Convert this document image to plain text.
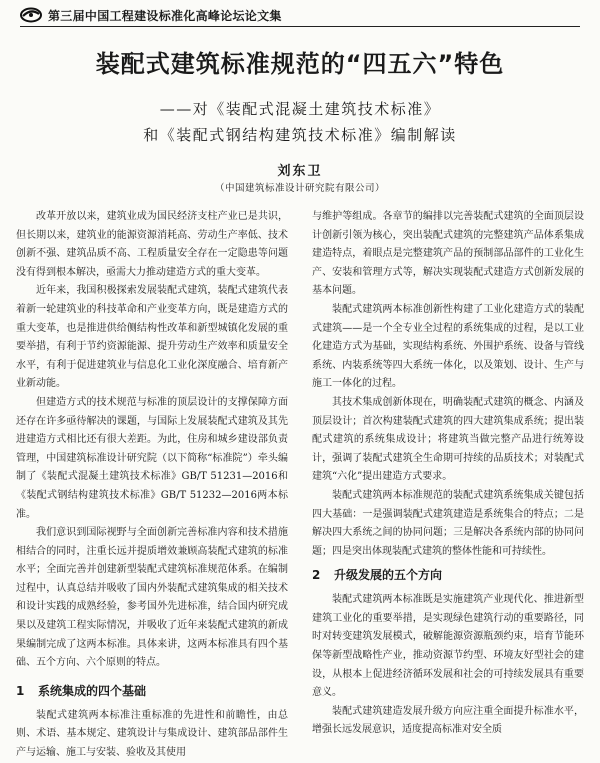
第三届中国工程建设标准化高峰论坛论文集
装配式建筑标准规范的“四五六”特色

——对《装配式混凝土建筑技术标准》

和《装配式钢结构建筑技术标准》编制解读

刘东卫

（中国建筑标准设计研究院有限公司）

改革开放以来，建筑业成为国民经济支柱产业已是共识，但长期以来，建筑业的能源资源消耗高、劳动生产率低、技术创新不强、建筑品质不高、工程质量安全存在一定隐患等问题没有得到根本解决，亟需大力推动建造方式的重大变革。

近年来，我国积极探索发展装配式建筑，装配式建筑代表着新一轮建筑业的科技革命和产业变革方向，既是建造方式的重大变革，也是推进供给侧结构性改革和新型城镇化发展的重要举措，有利于节约资源能源、提升劳动生产效率和质量安全水平，有利于促进建筑业与信息化工业化深度融合、培育新产业新动能。

但建造方式的技术规范与标准的顶层设计的支撑保障方面还存在许多亟待解决的课题，与国际上发展装配式建筑及其先进建造方式相比还有很大差距。为此，住房和城乡建设部负责管理，中国建筑标准设计研究院（以下简称“标准院”）牵头编制了《装配式混凝土建筑技术标准》GB/T 51231—2016和《装配式钢结构建筑技术标准》GB/T 51232—2016两本标准。

我们意识到国际视野与全面创新完善标准内容和技术措施相结合的同时，注重长远并提质增效兼顾高装配式建筑的标准水平；全面完善并创建新型装配式建筑标准规范体系。在编制过程中，认真总结并吸收了国内外装配式建筑集成的相关技术和设计实践的成熟经验，参考国外先进标准，结合国内研究成果以及建筑工程实际情况，并吸收了近年来装配式建筑的新成果编制完成了这两本标准。具体来讲，这两本标准具有四个基础、五个方向、六个原则的特点。

1 系统集成的四个基础

装配式建筑两本标准注重标准的先进性和前瞻性，由总则、术语、基本规定、建筑设计与集成设计、建筑部品部件生产与运输、施工与安装、验收及其使用

与维护等组成。各章节的编排以完善装配式建筑的全面顶层设计创新引领为核心，突出装配式建筑的完整建筑产品体系集成建造特点，着眼点是完整建筑产品的预制部品部件的工业化生产、安装和管理方式等，解决实现装配式建造方式创新发展的基本问题。

装配式建筑两本标准创新性构建了工业化建造方式的装配式建筑——是一个全专业全过程的系统集成的过程，是以工业化建造方式为基础，实现结构系统、外围护系统、设备与管线系统、内装系统等四大系统一体化，以及策划、设计、生产与施工一体化的过程。

其技术集成创新体现在，明确装配式建筑的概念、内涵及顶层设计；首次构建装配式建筑的四大建筑集成系统；提出装配式建筑的系统集成设计；将建筑当做完整产品进行统筹设计，强调了装配式建筑全生命期可持续的品质技术；对装配式建筑“六化”提出建造方式要求。

装配式建筑两本标准规范的装配式建筑系统集成关键包括四大基础：一是强调装配式建筑建造是系统集合的特点；二是解决四大系统之间的协同问题；三是解决各系统内部的协同问题；四是突出体现装配式建筑的整体性能和可持续性。

2 升级发展的五个方向

装配式建筑两本标准既是实施建筑产业现代化、推进新型建筑工业化的重要举措，是实现绿色建筑行动的重要路径，同时对转变建筑发展模式，破解能源资源瓶颈约束，培育节能环保等新型战略性产业，推动资源节约型、环境友好型社会的建设，从根本上促进经济循环发展和社会的可持续发展具有重要意义。

装配式建筑建造发展升级方向应注重全面提升标准水平，增强长远发展意识，适度提高标准对安全质
